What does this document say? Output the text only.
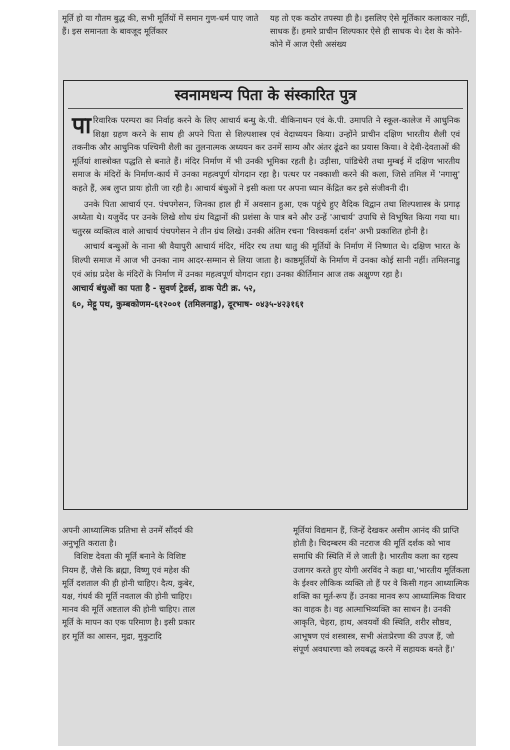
मूर्ति हो या गौतम बुद्ध की, सभी मूर्तियों में समान गुण-धर्म पाए जाते हैं। इस समानता के बावजूद मूर्तिकार

यह तो एक कठोर तपस्या ही है। इसलिए ऐसे मूर्तिकार कलाकार नहीं, साधक हैं। हमारे प्राचीन शिल्पकार ऐसे ही साधक थे। देश के कोने-कोने में आज ऐसी असंख्य

स्वनामधन्य पिता के संस्कारित पुत्र

पारिवारिक परम्परा का निर्वाह करने के लिए आचार्य बन्धु के.पी. वीकिनाथन एवं के.पी. उमापति ने स्कूल-कालेज में आधुनिक शिक्षा ग्रहण करने के साथ ही अपने पिता से शिल्पशास्त्र एवं वेदाध्ययन किया। उन्होंने प्राचीन दक्षिण भारतीय शैली एवं तकनीक और आधुनिक पश्चिमी शैली का तुलनात्मक अध्ययन कर उनमें साम्य और अंतर ढूंढने का प्रयास किया। वे देवी-देवताओं की मूर्तियां शास्त्रोक्त पद्धति से बनाते हैं। मंदिर निर्माण में भी उनकी भूमिका रहती है। उड़ीसा, पांडिचेरी तथा मुम्बई में दक्षिण भारतीय समाज के मंदिरों के निर्माण-कार्य में उनका महत्वपूर्ण योगदान रहा है। पत्थर पर नक्काशी करने की कला, जिसे तमिल में 'नगासु' कहते हैं, अब लुप्त प्रायः होती जा रही है। आचार्य बंधुओं ने इसी कला पर अपना ध्यान केंद्रित कर इसे संजीवनी दी।

उनके पिता आचार्य एन. पंचपगेसन, जिनका हाल ही में अवसान हुआ, एक पहुंचे हुए वैदिक विद्वान तथा शिल्पशास्त्र के प्रगाढ़ अध्येता थे। यजुर्वेद पर उनके लिखे शोध ग्रंथ विद्वानों की प्रशंसा के पात्र बने और उन्हें 'आचार्य' उपाधि से विभूषित किया गया था। चतुरस्र व्यक्तित्व वाले आचार्य पंचपगेसन ने तीन ग्रंथ लिखे। उनकी अंतिम रचना 'विश्वकर्मा दर्शन' अभी प्रकाशित होनी है।

आचार्य बन्धुओं के नाना श्री वैयापुरी आचार्य मंदिर, मंदिर रथ तथा धातु की मूर्तियों के निर्माण में निष्णात थे। दक्षिण भारत के शिल्पी समाज में आज भी उनका नाम आदर-सम्मान से लिया जाता है। काष्ठमूर्तियों के निर्माण में उनका कोई सानी नहीं। तमिलनाडु एवं आंध्र प्रदेश के मंदिरों के निर्माण में उनका महत्वपूर्ण योगदान रहा। उनका कीर्तिमान आज तक अक्षुण्ण रहा है।

आचार्य बंधुओं का पता है - सुवर्ण ट्रेडर्स, डाक पेटी क्र. ५२,

६०, मेट्टू पथ, कुम्बकोणम-६१२००१ (तमिलनाडु), दूरभाष- ०४३५-४२३१६१

अपनी आध्यात्मिक प्रतिभा से उनमें सौंदर्य की अनुभूति कराता है।

विशिष्ट देवता की मूर्ति बनाने के विशिष्ट नियम हैं, जैसे कि ब्रह्मा, विष्णु एवं महेश की मूर्ति दशताल की ही होनी चाहिए। दैत्य, कुबेर, यक्ष, गंधर्व की मूर्ति नवताल की होनी चाहिए। मानव की मूर्ति अष्टताल की होनी चाहिए। ताल मूर्ति के मापन का एक परिमाण है। इसी प्रकार हर मूर्ति का आसन, मुद्रा, मुकुटादि

मूर्तियां विद्यमान हैं, जिन्हें देखकर असीम आनंद की प्राप्ति होती है। चिदम्बरम की नटराज की मूर्ति दर्शक को भाव समाधि की स्थिति में ले जाती है। भारतीय कला का रहस्य उजागर करते हुए योगी अरविंद ने कहा था,'भारतीय मूर्तिकला के ईश्वर लौकिक व्यक्ति तो हैं पर वे किसी गहन आध्यात्मिक शक्ति का मूर्त-रूप हैं। उनका मानव रूप आध्यात्मिक विचार का वाहक है। वह आत्माभिव्यक्ति का साधन है। उनकी आकृति, चेहरा, हाथ, अवयवों की स्थिति, शरीर सौष्ठव, आभूषण एवं शस्त्रास्त्र, सभी अंतःप्रेरणा की उपज हैं, जो संपूर्ण अवधारणा को लयबद्ध करने में सहायक बनते हैं।'
